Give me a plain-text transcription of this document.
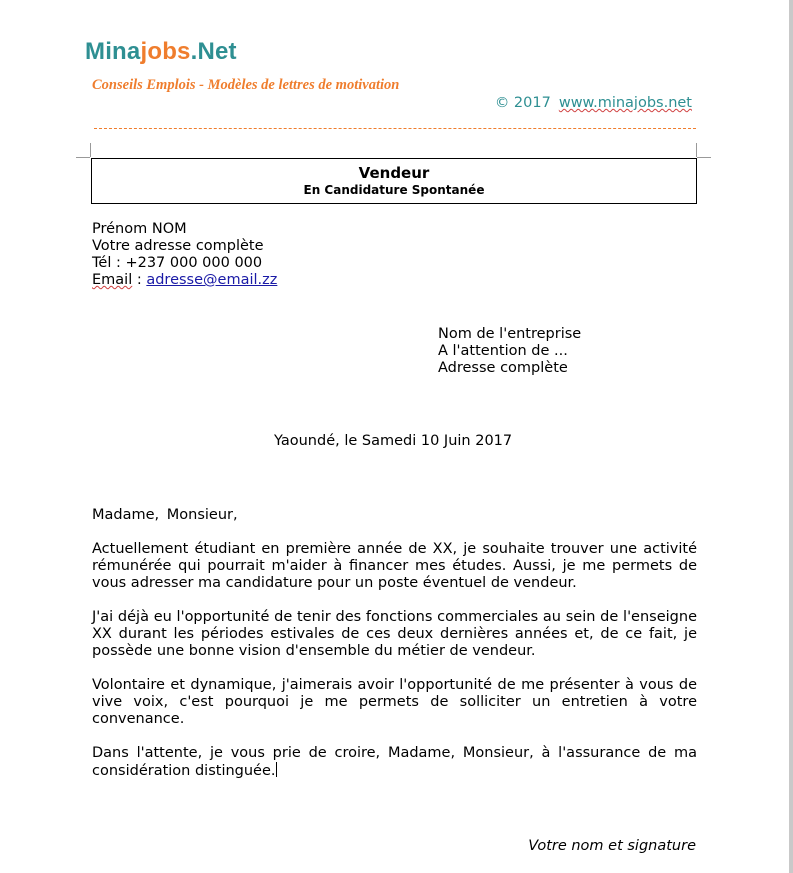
Minajobs.Net
Conseils Emplois - Modèles de lettres de motivation
© 2017 www.minajobs.net
Vendeur
En Candidature Spontanée
Prénom NOM
Votre adresse complète
Tél : +237 000 000 000
Email : adresse@email.zz
Nom de l'entreprise
A l'attention de ...
Adresse complète
Yaoundé, le Samedi 10 Juin 2017

Madame, Monsieur,

Actuellement étudiant en première année de XX, je souhaite trouver une activité rémunérée qui pourrait m'aider à financer mes études. Aussi, je me permets de vous adresser ma candidature pour un poste éventuel de vendeur.

J'ai déjà eu l'opportunité de tenir des fonctions commerciales au sein de l'enseigne XX durant les périodes estivales de ces deux dernières années et, de ce fait, je possède une bonne vision d'ensemble du métier de vendeur.

Volontaire et dynamique, j'aimerais avoir l'opportunité de me présenter à vous de vive voix, c'est pourquoi je me permets de solliciter un entretien à votre convenance.

Dans l'attente, je vous prie de croire, Madame, Monsieur, à l'assurance de ma considération distinguée.

Votre nom et signature
